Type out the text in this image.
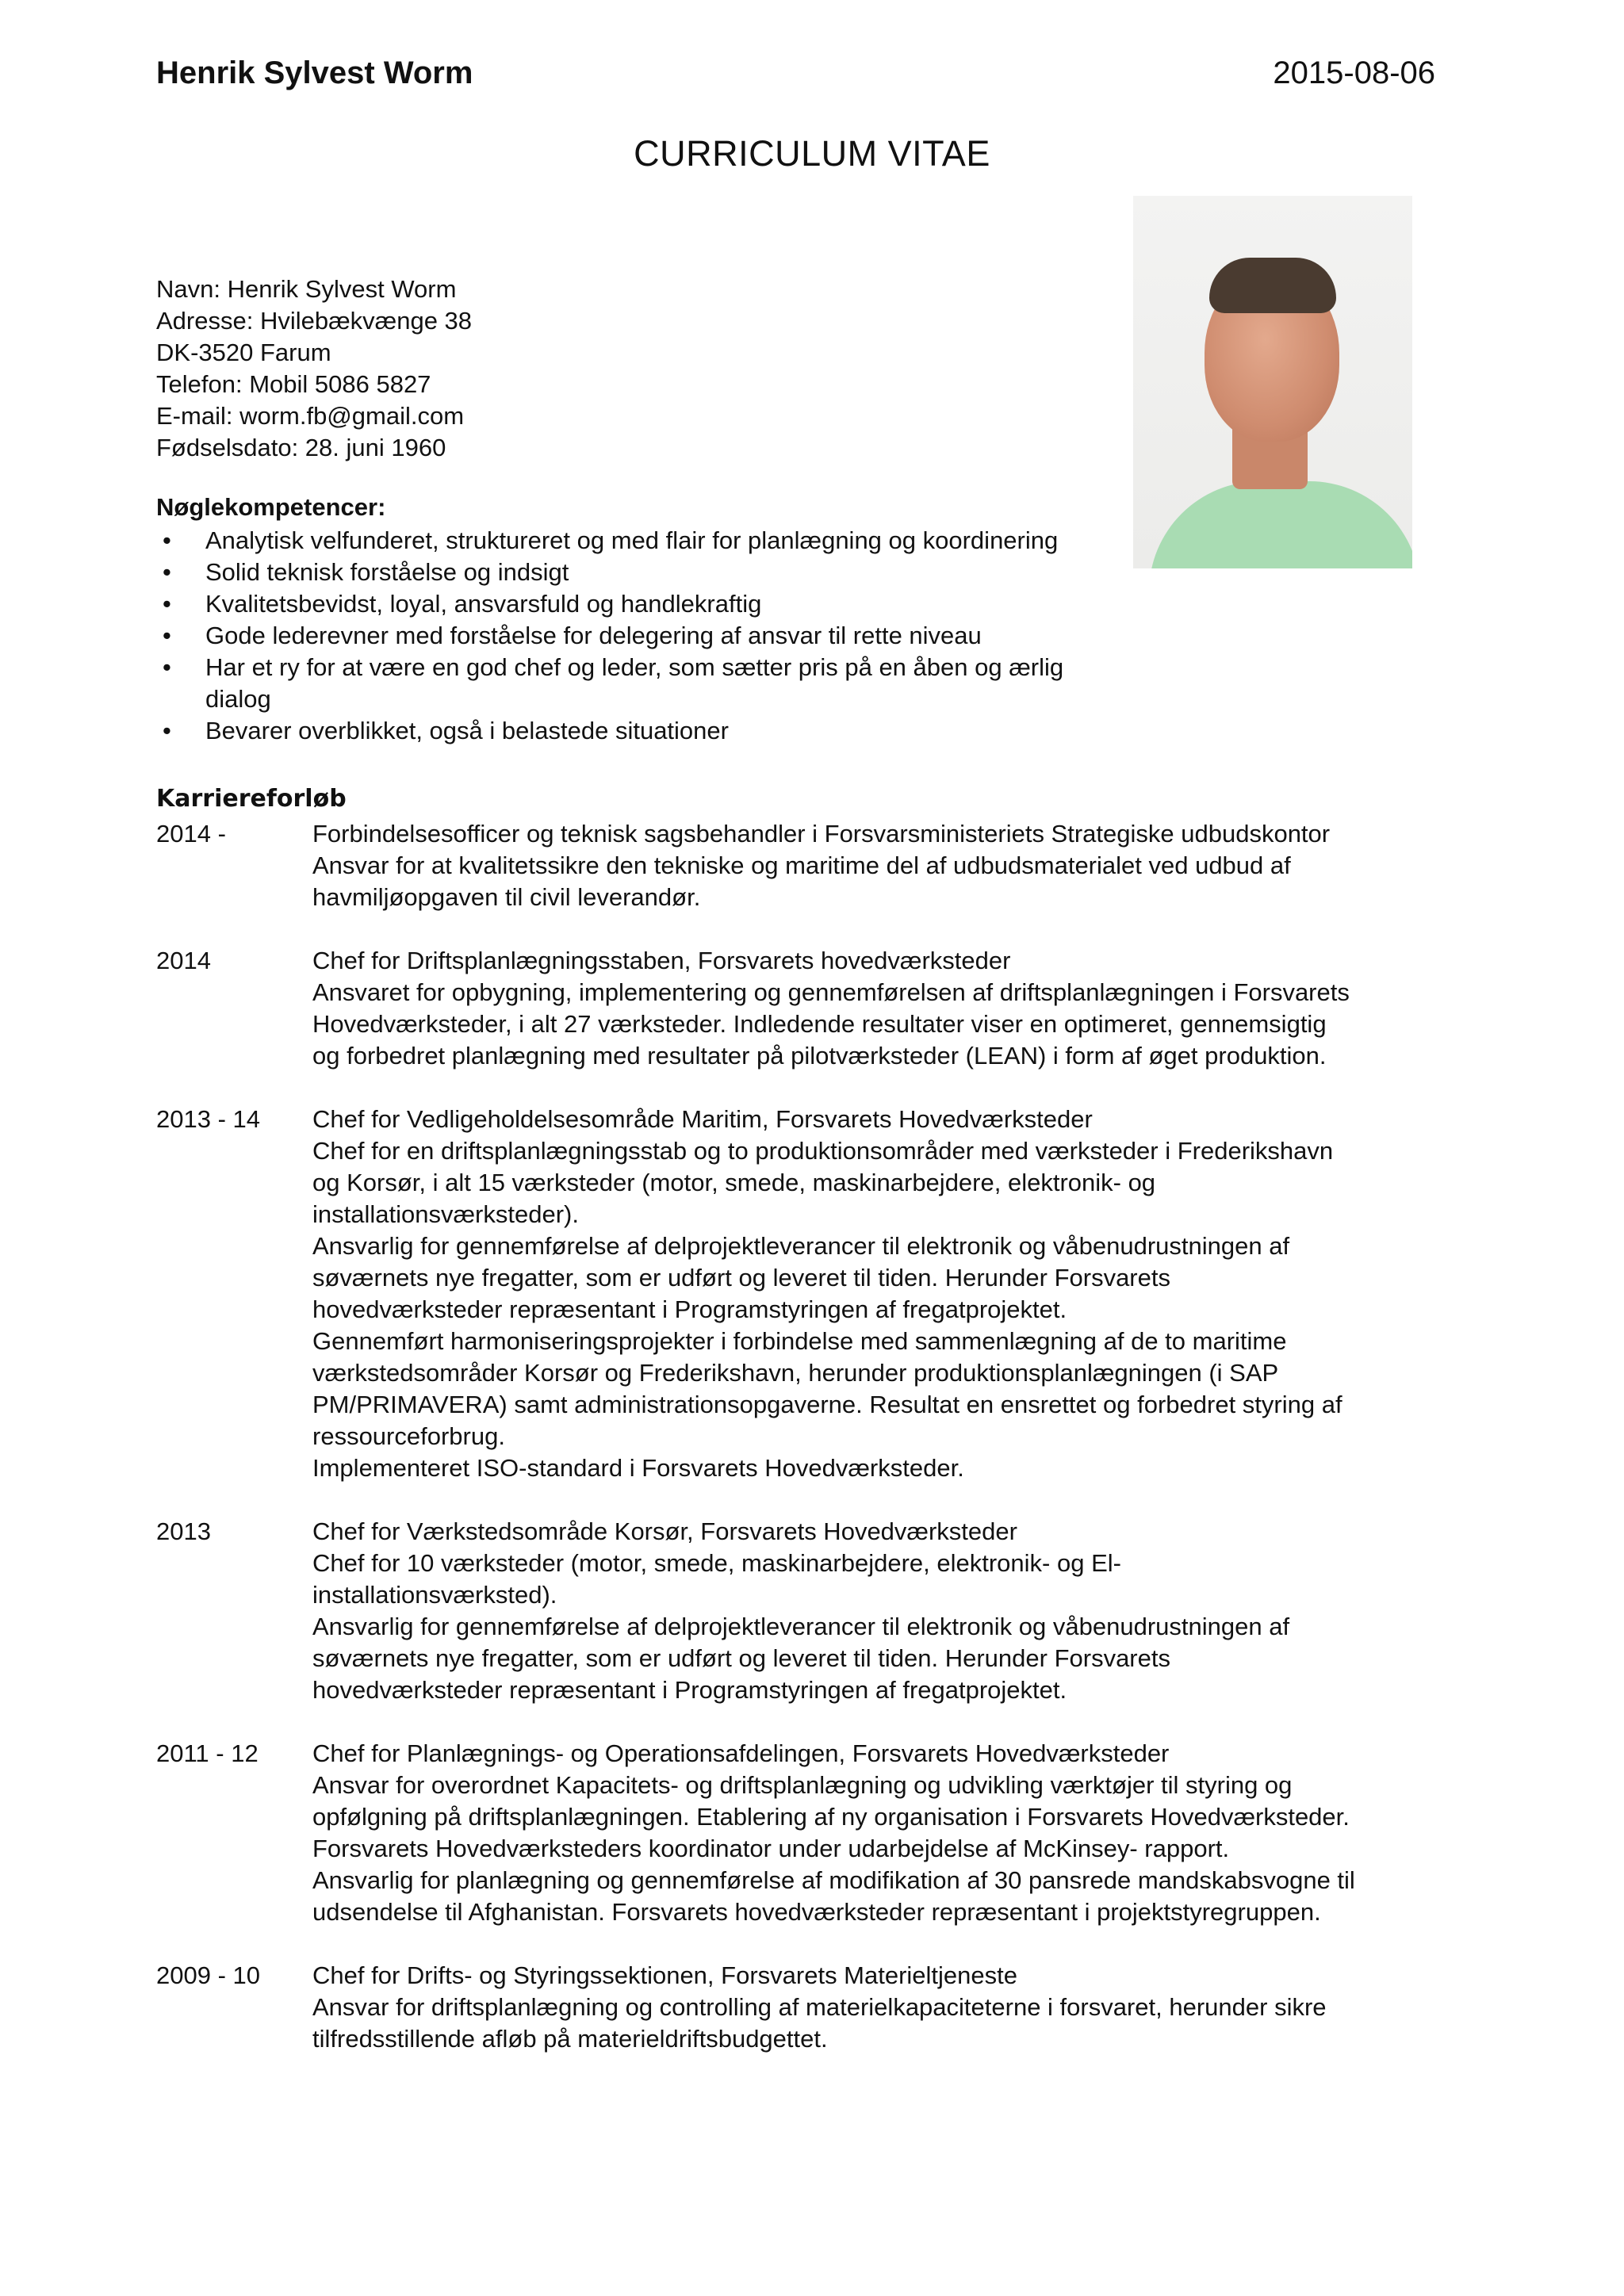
Henrik Sylvest Worm	2015-08-06
CURRICULUM VITAE
Navn: Henrik Sylvest Worm
Adresse: Hvilebækvænge 38
DK-3520 Farum
Telefon: Mobil 5086 5827
E-mail: worm.fb@gmail.com
Fødselsdato: 28. juni 1960
Nøglekompetencer:
• Analytisk velfunderet, struktureret og med flair for planlægning og koordinering
• Solid teknisk forståelse og indsigt
• Kvalitetsbevidst, loyal, ansvarsfuld og handlekraftig
• Gode lederevner med forståelse for delegering af ansvar til rette niveau
• Har et ry for at være en god chef og leder, som sætter pris på en åben og ærlig dialog
• Bevarer overblikket, også i belastede situationer
Karriereforløb
2014 -	Forbindelsesofficer og teknisk sagsbehandler i Forsvarsministeriets Strategiske udbudskontor
Ansvar for at kvalitetssikre den tekniske og maritime del af udbudsmaterialet ved udbud af
havmiljøopgaven til civil leverandør.
2014	Chef for Driftsplanlægningsstaben, Forsvarets hovedværksteder
Ansvaret for opbygning, implementering og gennemførelsen af driftsplanlægningen i Forsvarets
Hovedværksteder, i alt 27 værksteder. Indledende resultater viser en optimeret, gennemsigtig
og forbedret planlægning med resultater på pilotværksteder (LEAN) i form af øget produktion.
2013 - 14 Chef for Vedligeholdelsesområde Maritim, Forsvarets Hovedværksteder
Chef for en driftsplanlægningsstab og to produktionsområder med værksteder i Frederikshavn
og Korsør, i alt 15 værksteder (motor, smede, maskinarbejdere, elektronik- og
installationsværksteder).
Ansvarlig for gennemførelse af delprojektleverancer til elektronik og våbenudrustningen af
søværnets nye fregatter, som er udført og leveret til tiden. Herunder Forsvarets
hovedværksteder repræsentant i Programstyringen af fregatprojektet.
Gennemført harmoniseringsprojekter i forbindelse med sammenlægning af de to maritime
værkstedsområder Korsør og Frederikshavn, herunder produktionsplanlægningen (i SAP
PM/PRIMAVERA) samt administrationsopgaverne. Resultat en ensrettet og forbedret styring af
ressourceforbrug.
Implementeret ISO-standard i Forsvarets Hovedværksteder.
2013	Chef for Værkstedsområde Korsør, Forsvarets Hovedværksteder
Chef for 10 værksteder (motor, smede, maskinarbejdere, elektronik- og El-
installationsværksted).
Ansvarlig for gennemførelse af delprojektleverancer til elektronik og våbenudrustningen af
søværnets nye fregatter, som er udført og leveret til tiden. Herunder Forsvarets
hovedværksteder repræsentant i Programstyringen af fregatprojektet.
2011 - 12 Chef for Planlægnings- og Operationsafdelingen, Forsvarets Hovedværksteder
Ansvar for overordnet Kapacitets- og driftsplanlægning og udvikling værktøjer til styring og
opfølgning på driftsplanlægningen. Etablering af ny organisation i Forsvarets Hovedværksteder.
Forsvarets Hovedværksteders koordinator under udarbejdelse af McKinsey- rapport.
Ansvarlig for planlægning og gennemførelse af modifikation af 30 pansrede mandskabsvogne til
udsendelse til Afghanistan. Forsvarets hovedværksteder repræsentant i projektstyregruppen.
2009 - 10 Chef for Drifts- og Styringssektionen, Forsvarets Materieltjeneste
Ansvar for driftsplanlægning og controlling af materielkapaciteterne i forsvaret, herunder sikre
tilfredsstillende afløb på materieldriftsbudgettet.
